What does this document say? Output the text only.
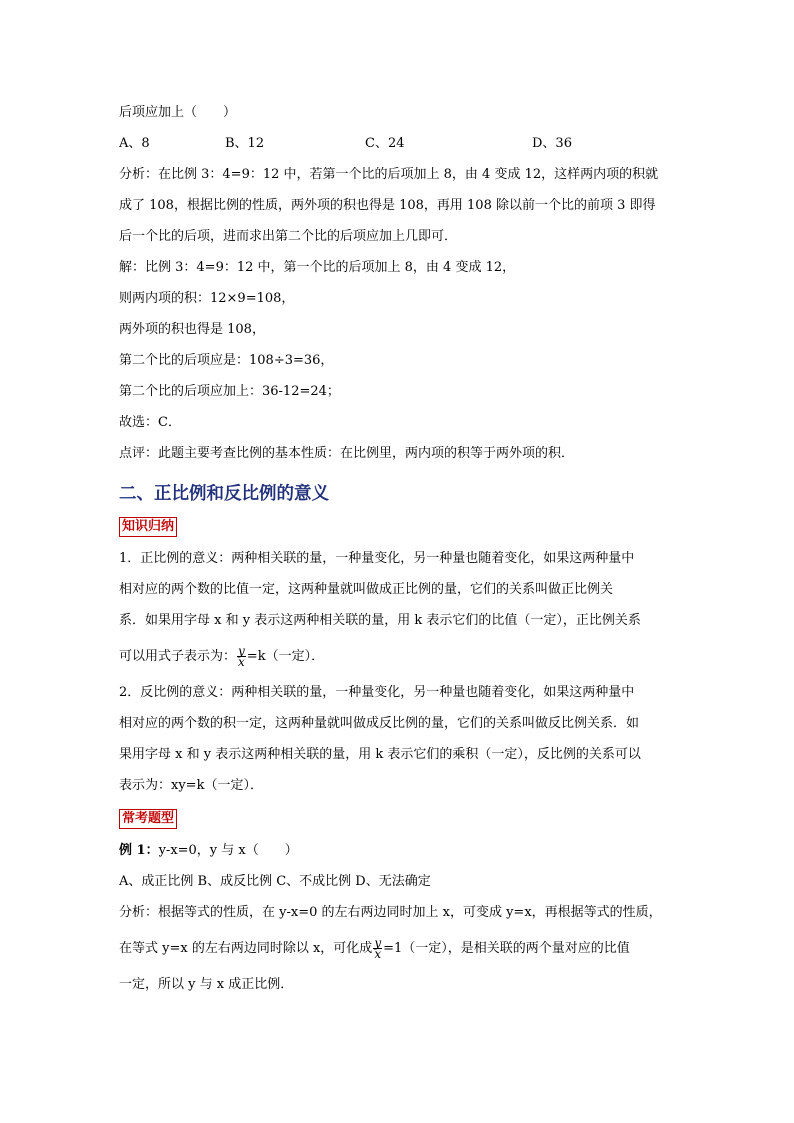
后项应加上（　　）
A、8	B、12	C、24	D、36
分析：在比例 3：4=9：12 中，若第一个比的后项加上 8，由 4 变成 12，这样两内项的积就
成了 108，根据比例的性质，两外项的积也得是 108，再用 108 除以前一个比的前项 3 即得
后一个比的后项，进而求出第二个比的后项应加上几即可．
解：比例 3：4=9：12 中，第一个比的后项加上 8，由 4 变成 12，
则两内项的积：12×9=108，
两外项的积也得是 108，
第二个比的后项应是：108÷3=36，
第二个比的后项应加上：36-12=24；
故选：C．
点评：此题主要考查比例的基本性质：在比例里，两内项的积等于两外项的积．
二、正比例和反比例的意义
知识归纳
1．正比例的意义：两种相关联的量，一种量变化，另一种量也随着变化，如果这两种量中
相对应的两个数的比值一定，这两种量就叫做成正比例的量，它们的关系叫做正比例关
系．如果用字母 x 和 y 表示这两种相关联的量，用 k 表示它们的比值（一定），正比例关系
可以用式子表示为： $\frac{y}{x} =k$（一定）．
2．反比例的意义：两种相关联的量，一种量变化，另一种量也随着变化，如果这两种量中
相对应的两个数的积一定，这两种量就叫做成反比例的量，它们的关系叫做反比例关系．如
果用字母 x 和 y 表示这两种相关联的量，用 k 表示它们的乘积（一定），反比例的关系可以
表示为：xy=k（一定）．
常考题型
例 1：y-x=0，y 与 x（　　）
A、成正比例 B、成反比例 C、不成比例 D、无法确定
分析：根据等式的性质，在 y-x=0 的左右两边同时加上 x，可变成 y=x，再根据等式的性质，
在等式 y=x 的左右两边同时除以 x，可化成 $\frac{y}{x} =1$（一定），是相关联的两个量对应的比值
一定，所以 y 与 x 成正比例．
